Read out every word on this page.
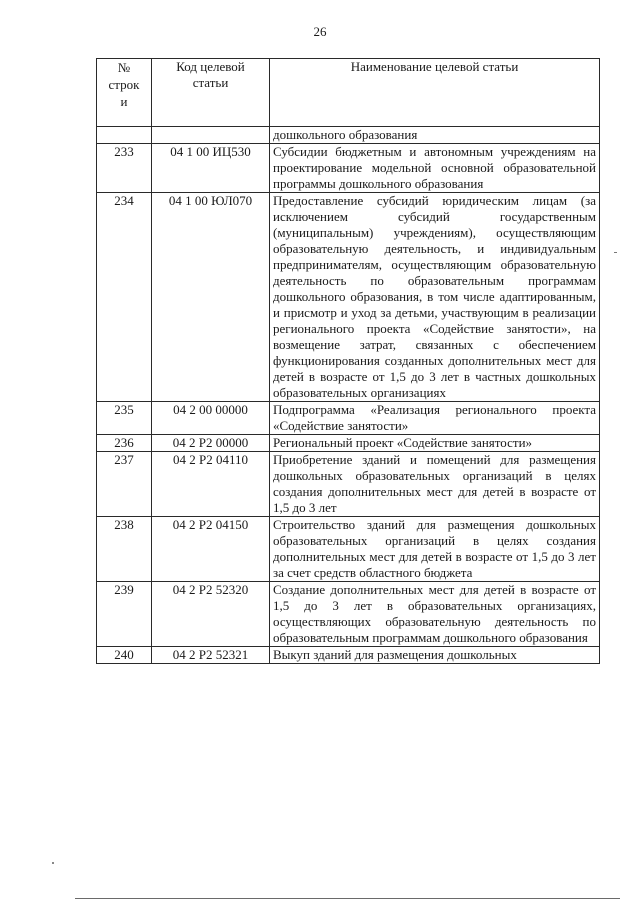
26
№
строк
и	Код целевой статьи	Наименование целевой статьи
		дошкольного образования
233	04 1 00 ИЦ530	Субсидии бюджетным и автономным учреждениям на проектирование модельной основной образовательной программы дошкольного образования
234	04 1 00 ЮЛ070	Предоставление субсидий юридическим лицам (за исключением субсидий государственным (муниципальным) учреждениям), осуществляющим образовательную деятельность, и индивидуальным предпринимателям, осуществляющим образовательную деятельность по образовательным программам дошкольного образования, в том числе адаптированным, и присмотр и уход за детьми, участвующим в реализации регионального проекта «Содействие занятости», на возмещение затрат, связанных с обеспечением функционирования созданных дополнительных мест для детей в возрасте от 1,5 до 3 лет в частных дошкольных образовательных организациях
235	04 2 00 00000	Подпрограмма «Реализация регионального проекта «Содействие занятости»
236	04 2 Р2 00000	Региональный проект «Содействие занятости»
237	04 2 Р2 04110	Приобретение зданий и помещений для размещения дошкольных образовательных организаций в целях создания дополнительных мест для детей в возрасте от 1,5 до 3 лет
238	04 2 Р2 04150	Строительство зданий для размещения дошкольных образовательных организаций в целях создания дополнительных мест для детей в возрасте от 1,5 до 3 лет за счет средств областного бюджета
239	04 2 Р2 52320	Создание дополнительных мест для детей в возрасте от 1,5 до 3 лет в образовательных организациях, осуществляющих образовательную деятельность по образовательным программам дошкольного образования
240	04 2 Р2 52321	Выкуп зданий для размещения дошкольных
